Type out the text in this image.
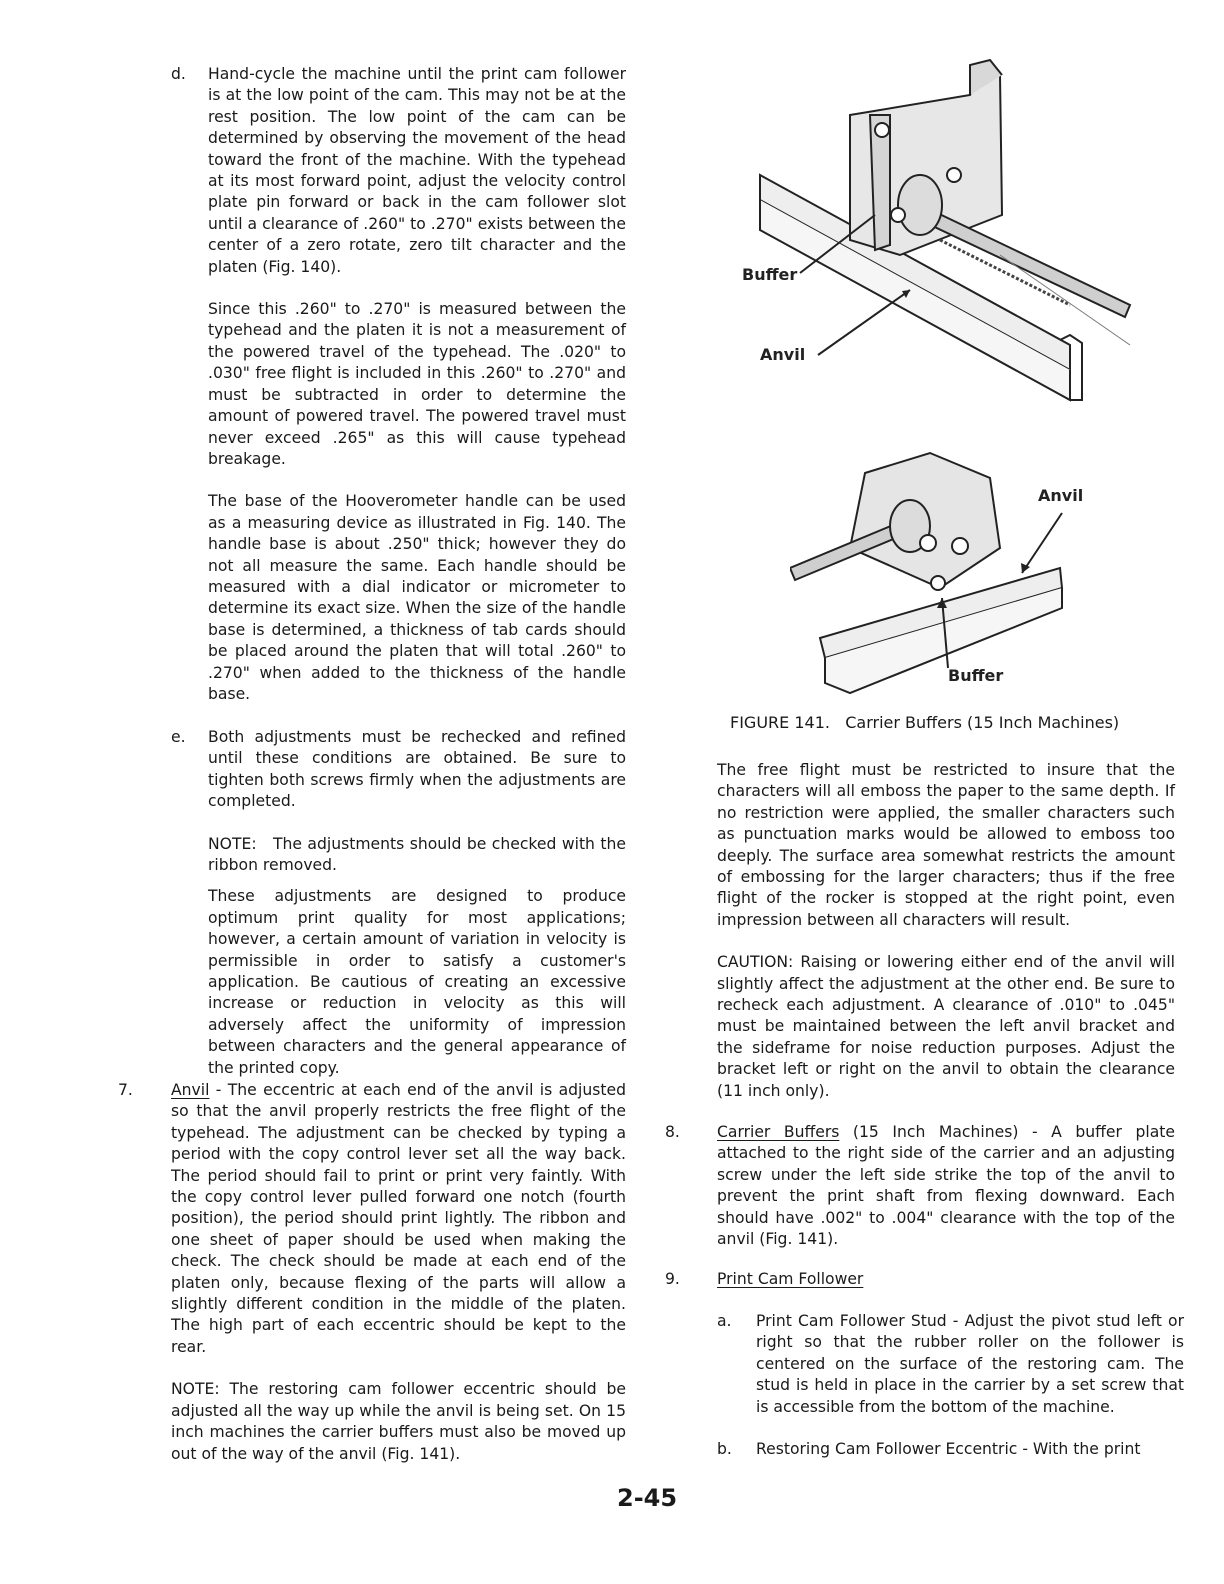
d. Hand-cycle the machine until the print cam follower is at the low point of the cam. This may not be at the rest position. The low point of the cam can be determined by observing the movement of the head toward the front of the machine. With the typehead at its most forward point, adjust the velocity control plate pin forward or back in the cam follower slot until a clearance of .260" to .270" exists between the center of a zero rotate, zero tilt character and the platen (Fig. 140).

Since this .260" to .270" is measured between the typehead and the platen it is not a measurement of the powered travel of the typehead. The .020" to .030" free flight is included in this .260" to .270" and must be subtracted in order to determine the amount of powered travel. The powered travel must never exceed .265" as this will cause typehead breakage.

The base of the Hooverometer handle can be used as a measuring device as illustrated in Fig. 140. The handle base is about .250" thick; however they do not all measure the same. Each handle should be measured with a dial indicator or micrometer to determine its exact size. When the size of the handle base is determined, a thickness of tab cards should be placed around the platen that will total .260" to .270" when added to the thickness of the handle base.

e. Both adjustments must be rechecked and refined until these conditions are obtained. Be sure to tighten both screws firmly when the adjustments are completed.

NOTE:   The adjustments should be checked with the ribbon removed.

These adjustments are designed to produce optimum print quality for most applications; however, a certain amount of variation in velocity is permissible in order to satisfy a customer's application. Be cautious of creating an excessive increase or reduction in velocity as this will adversely affect the uniformity of impression between characters and the general appearance of the printed copy.

7. Anvil - The eccentric at each end of the anvil is adjusted so that the anvil properly restricts the free flight of the typehead. The adjustment can be checked by typing a period with the copy control lever set all the way back. The period should fail to print or print very faintly. With the copy control lever pulled forward one notch (fourth position), the period should print lightly. The ribbon and one sheet of paper should be used when making the check. The check should be made at each end of the platen only, because flexing of the parts will allow a slightly different condition in the middle of the platen. The high part of each eccentric should be kept to the rear.

NOTE: The restoring cam follower eccentric should be adjusted all the way up while the anvil is being set. On 15 inch machines the carrier buffers must also be moved up out of the way of the anvil (Fig. 141).

Buffer
Anvil
Anvil
Buffer
FIGURE 141.   Carrier Buffers (15 Inch Machines)

The free flight must be restricted to insure that the characters will all emboss the paper to the same depth. If no restriction were applied, the smaller characters such as punctuation marks would be allowed to emboss too deeply. The surface area somewhat restricts the amount of embossing for the larger characters; thus if the free flight of the rocker is stopped at the right point, even impression between all characters will result.

CAUTION: Raising or lowering either end of the anvil will slightly affect the adjustment at the other end. Be sure to recheck each adjustment. A clearance of .010" to .045" must be maintained between the left anvil bracket and the sideframe for noise reduction purposes. Adjust the bracket left or right on the anvil to obtain the clearance (11 inch only).

8. Carrier Buffers (15 Inch Machines) - A buffer plate attached to the right side of the carrier and an adjusting screw under the left side strike the top of the anvil to prevent the print shaft from flexing downward. Each should have .002" to .004" clearance with the top of the anvil (Fig. 141).

9. Print Cam Follower
a. Print Cam Follower Stud - Adjust the pivot stud left or right so that the rubber roller on the follower is centered on the surface of the restoring cam. The stud is held in place in the carrier by a set screw that is accessible from the bottom of the machine.

b. Restoring Cam Follower Eccentric - With the print

2-45
